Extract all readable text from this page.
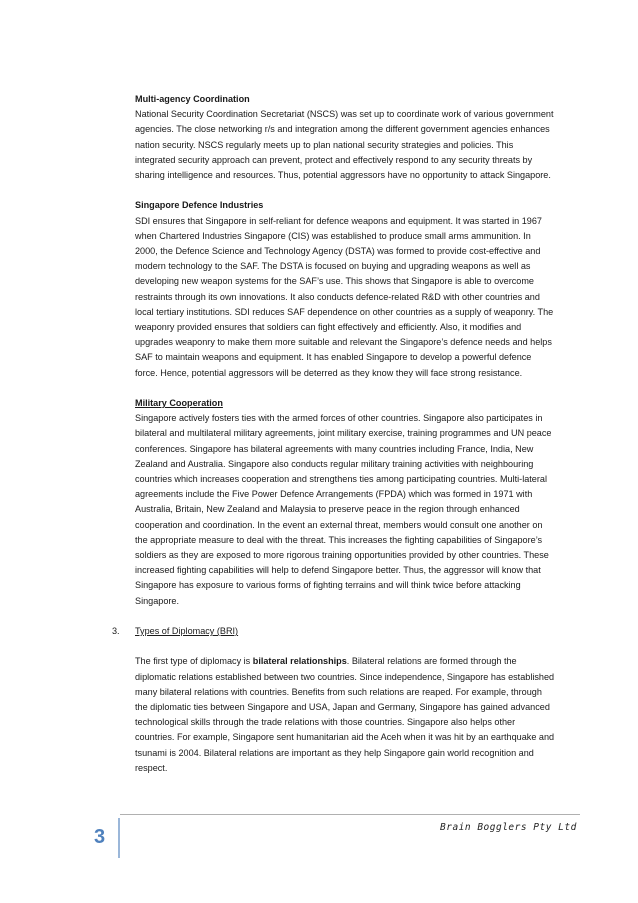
Multi-agency Coordination

National Security Coordination Secretariat (NSCS) was set up to coordinate work of various government agencies. The close networking r/s and integration among the different government agencies enhances nation security. NSCS regularly meets up to plan national security strategies and policies. This integrated security approach can prevent, protect and effectively respond to any security threats by sharing intelligence and resources. Thus, potential aggressors have no opportunity to attack Singapore.

Singapore Defence Industries

SDI ensures that Singapore in self-reliant for defence weapons and equipment. It was started in 1967 when Chartered Industries Singapore (CIS) was established to produce small arms ammunition. In 2000, the Defence Science and Technology Agency (DSTA) was formed to provide cost-effective and modern technology to the SAF. The DSTA is focused on buying and upgrading weapons as well as developing new weapon systems for the SAF’s use. This shows that Singapore is able to overcome restraints through its own innovations. It also conducts defence-related R&D with other countries and local tertiary institutions. SDI reduces SAF dependence on other countries as a supply of weaponry. The weaponry provided ensures that soldiers can fight effectively and efficiently. Also, it modifies and upgrades weaponry to make them more suitable and relevant the Singapore’s defence needs and helps SAF to maintain weapons and equipment. It has enabled Singapore to develop a powerful defence force. Hence, potential aggressors will be deterred as they know they will face strong resistance.

Military Cooperation

Singapore actively fosters ties with the armed forces of other countries. Singapore also participates in bilateral and multilateral military agreements, joint military exercise, training programmes and UN peace conferences. Singapore has bilateral agreements with many countries including France, India, New Zealand and Australia. Singapore also conducts regular military training activities with neighbouring countries which increases cooperation and strengthens ties among participating countries. Multi-lateral agreements include the Five Power Defence Arrangements (FPDA) which was formed in 1971 with Australia, Britain, New Zealand and Malaysia to preserve peace in the region through enhanced cooperation and coordination. In the event an external threat, members would consult one another on the appropriate measure to deal with the threat. This increases the fighting capabilities of Singapore’s soldiers as they are exposed to more rigorous training opportunities provided by other countries. These increased fighting capabilities will help to defend Singapore better. Thus, the aggressor will know that Singapore has exposure to various forms of fighting terrains and will think twice before attacking Singapore.

3. Types of Diplomacy (BRI)

The first type of diplomacy is bilateral relationships. Bilateral relations are formed through the diplomatic relations established between two countries. Since independence, Singapore has established many bilateral relations with countries. Benefits from such relations are reaped. For example, through the diplomatic ties between Singapore and USA, Japan and Germany, Singapore has gained advanced technological skills through the trade relations with those countries. Singapore also helps other countries. For example, Singapore sent humanitarian aid the Aceh when it was hit by an earthquake and tsunami is 2004. Bilateral relations are important as they help Singapore gain world recognition and respect.

3	Brain Bogglers Pty Ltd
